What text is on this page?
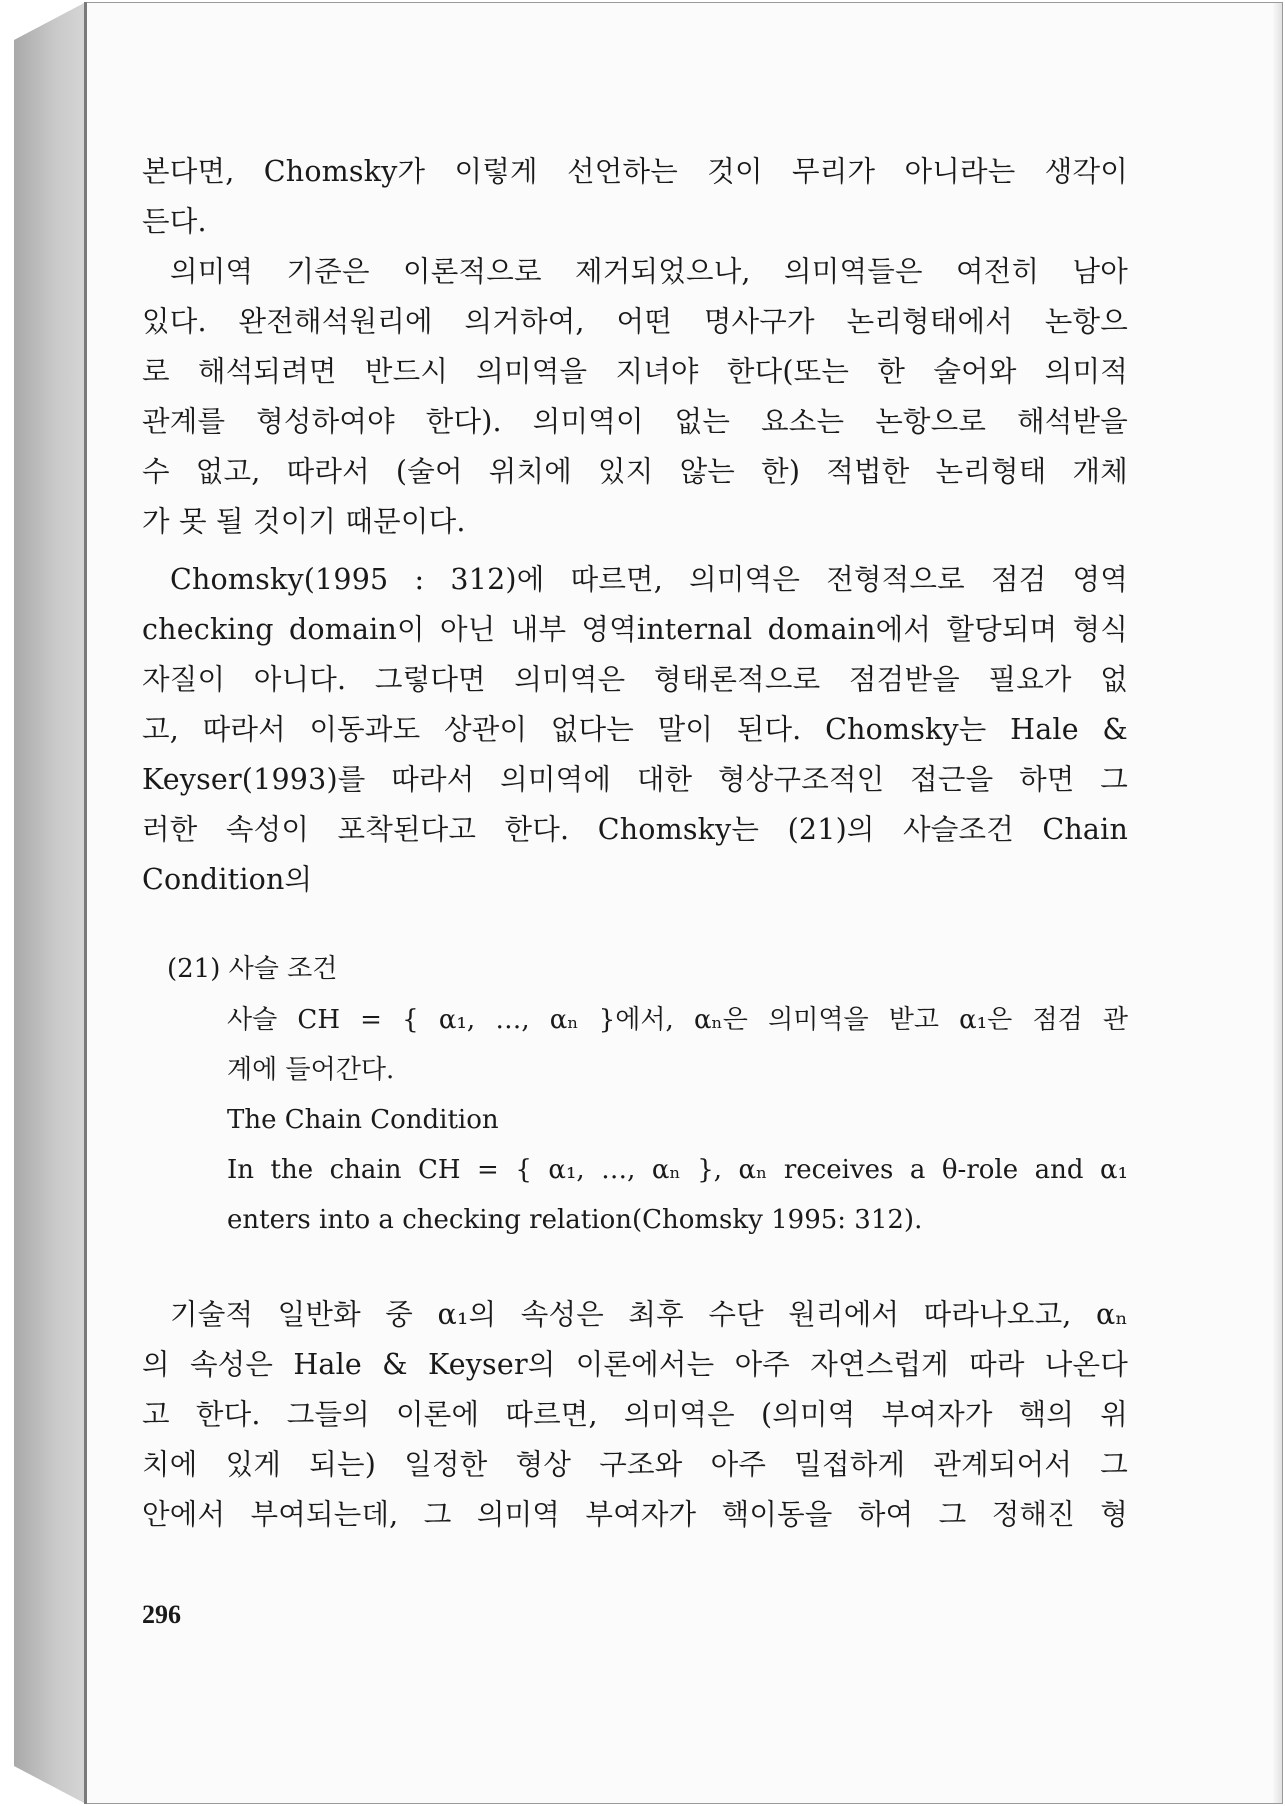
본다면, Chomsky가 이렇게 선언하는 것이 무리가 아니라는 생각이
든다.
의미역 기준은 이론적으로 제거되었으나, 의미역들은 여전히 남아
있다. 완전해석원리에 의거하여, 어떤 명사구가 논리형태에서 논항으
로 해석되려면 반드시 의미역을 지녀야 한다(또는 한 술어와 의미적
관계를 형성하여야 한다). 의미역이 없는 요소는 논항으로 해석받을
수 없고, 따라서 (술어 위치에 있지 않는 한) 적법한 논리형태 개체
가 못 될 것이기 때문이다.
Chomsky(1995 : 312)에 따르면, 의미역은 전형적으로 점검 영역
checking domain이 아닌 내부 영역internal domain에서 할당되며 형식
자질이 아니다. 그렇다면 의미역은 형태론적으로 점검받을 필요가 없
고, 따라서 이동과도 상관이 없다는 말이 된다. Chomsky는 Hale &
Keyser(1993)를 따라서 의미역에 대한 형상구조적인 접근을 하면 그
러한 속성이 포착된다고 한다. Chomsky는 (21)의 사슬조건 Chain
Condition의
(21) 사슬 조건
사슬 CH = { α₁, …, αₙ }에서, αₙ은 의미역을 받고 α₁은 점검 관
계에 들어간다.
The Chain Condition
In the chain CH = { α₁, …, αₙ }, αₙ receives a θ-role and α₁
enters into a checking relation(Chomsky 1995: 312).
기술적 일반화 중 α₁의 속성은 최후 수단 원리에서 따라나오고, αₙ
의 속성은 Hale & Keyser의 이론에서는 아주 자연스럽게 따라 나온다
고 한다. 그들의 이론에 따르면, 의미역은 (의미역 부여자가 핵의 위
치에 있게 되는) 일정한 형상 구조와 아주 밀접하게 관계되어서 그
안에서 부여되는데, 그 의미역 부여자가 핵이동을 하여 그 정해진 형
296
